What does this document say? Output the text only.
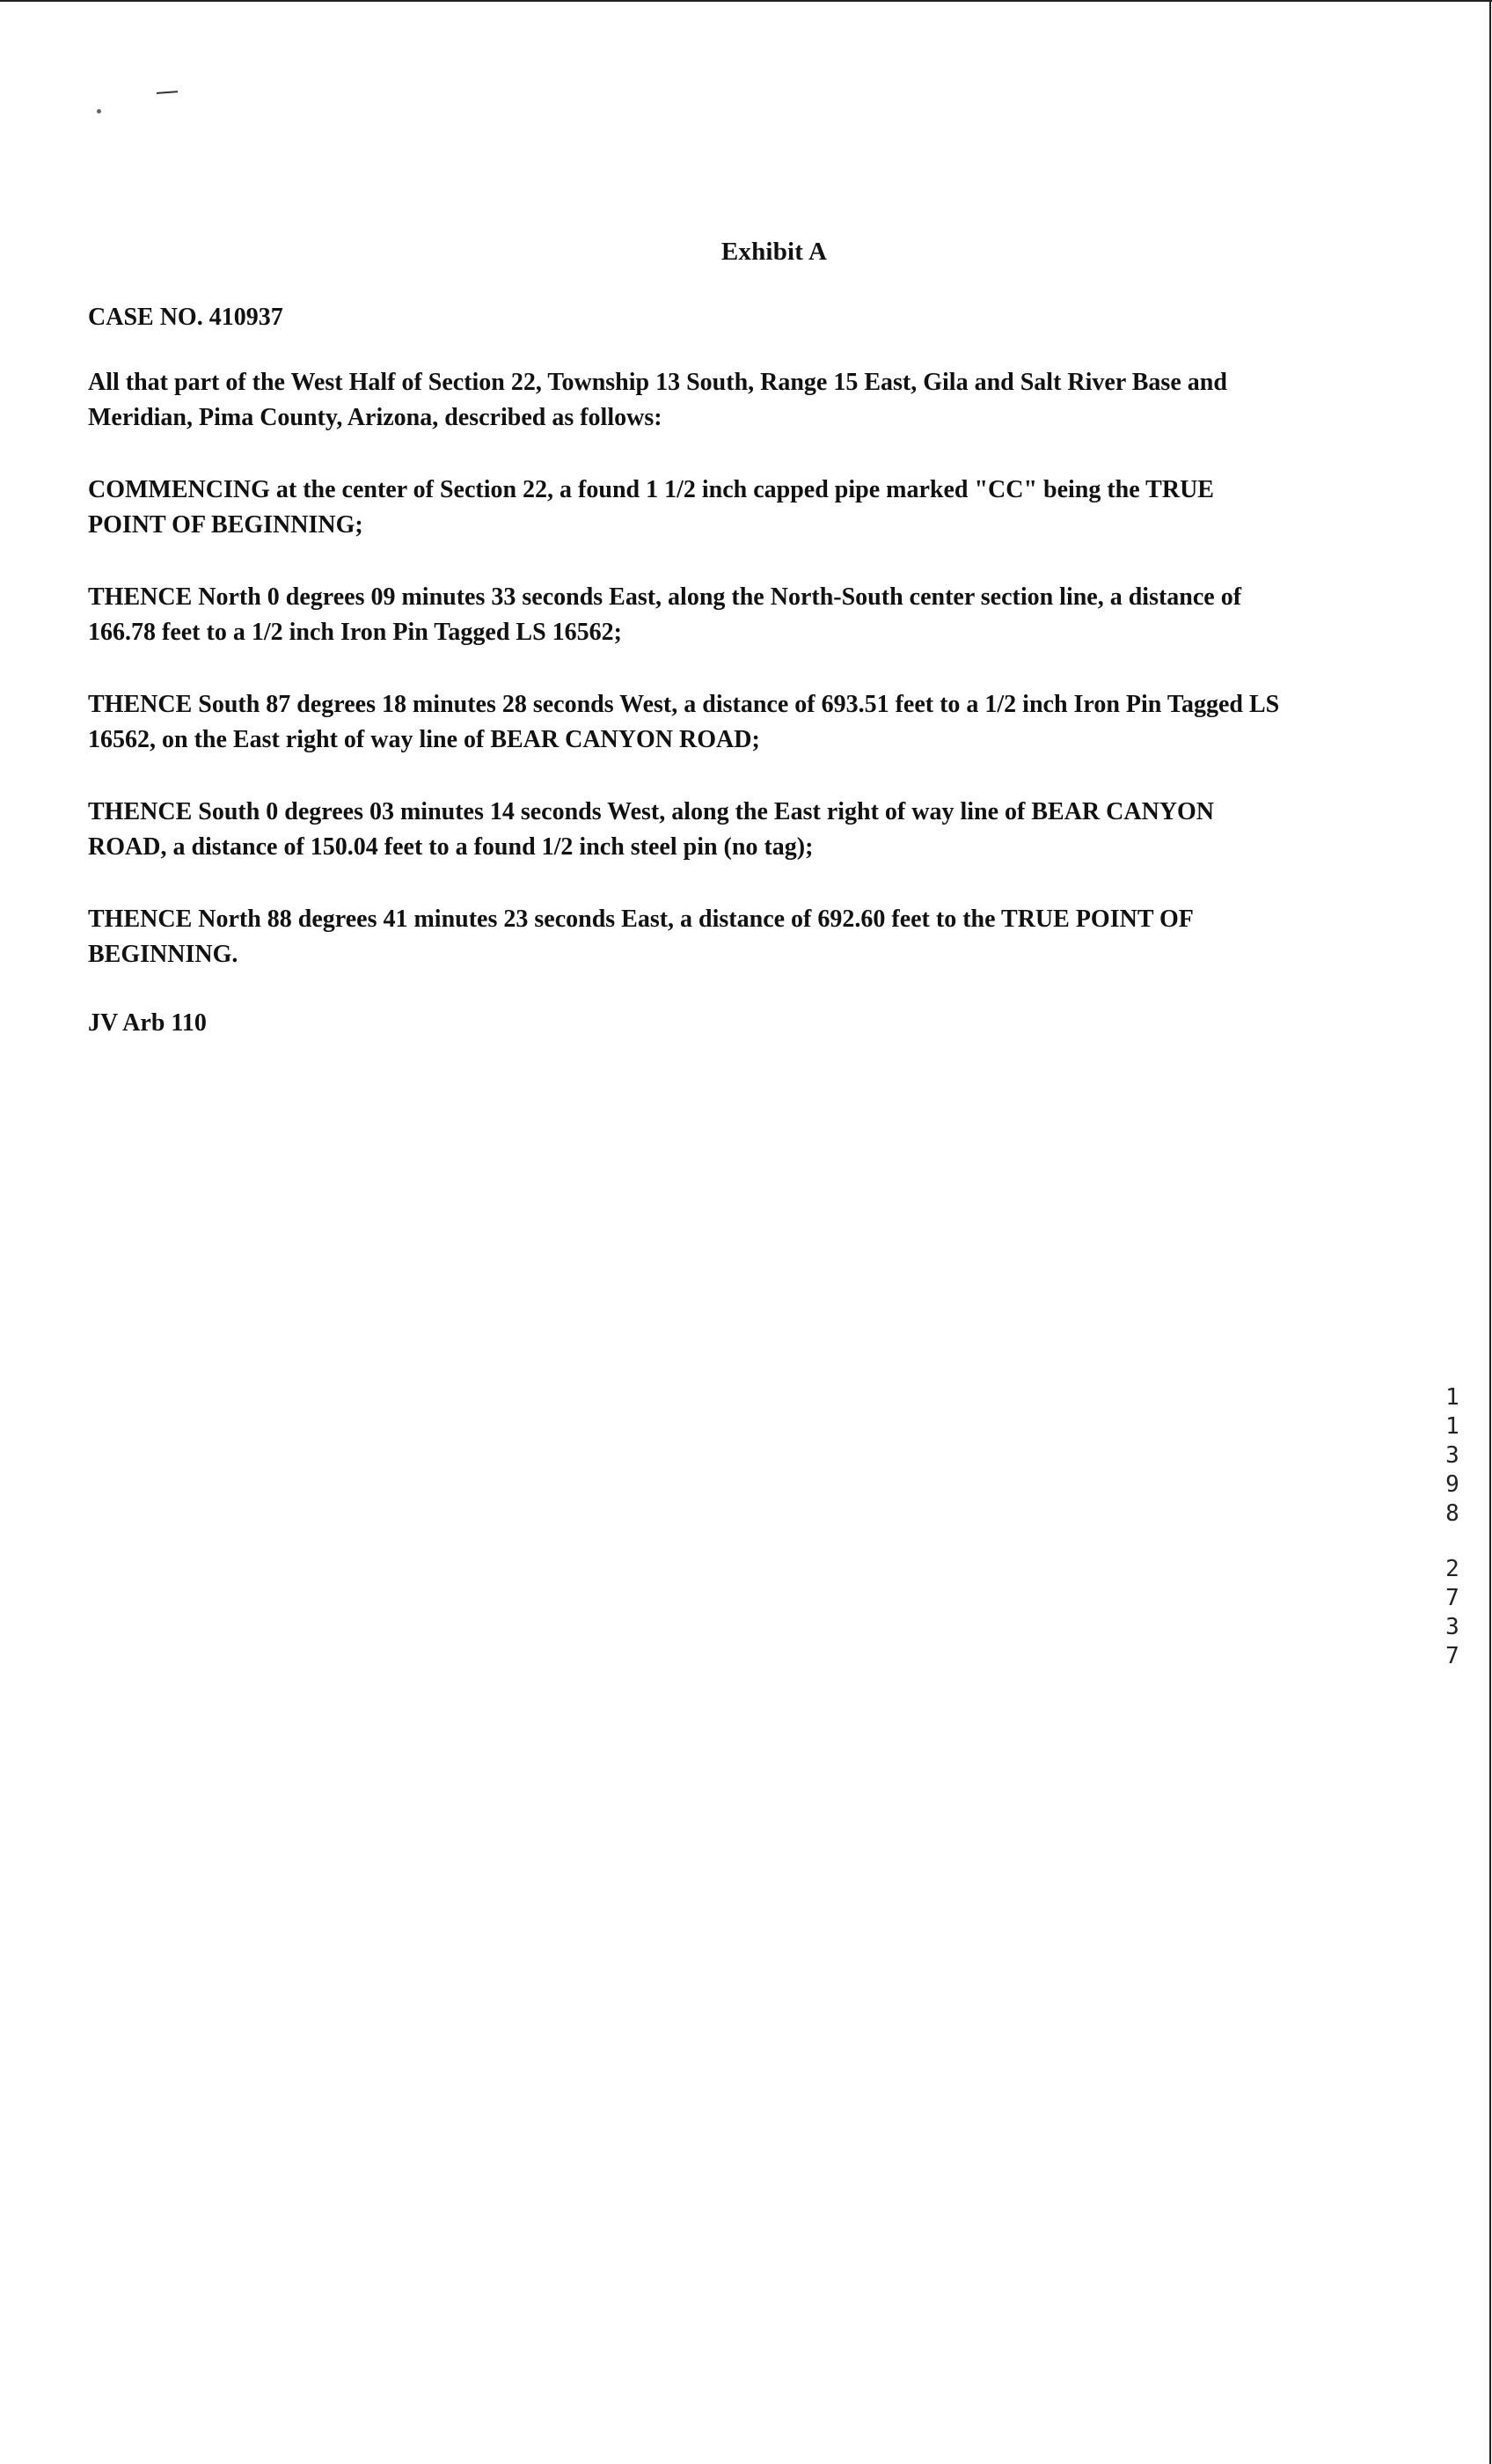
Exhibit A
CASE NO. 410937
All that part of the West Half of Section 22, Township 13 South, Range 15 East, Gila and Salt River Base and
Meridian, Pima County, Arizona, described as follows:
COMMENCING at the center of Section 22, a found 1 1/2 inch capped pipe marked "CC" being the TRUE
POINT OF BEGINNING;
THENCE North 0 degrees 09 minutes 33 seconds East, along the North-South center section line, a distance of
166.78 feet to a 1/2 inch Iron Pin Tagged LS 16562;
THENCE South 87 degrees 18 minutes 28 seconds West, a distance of 693.51 feet to a 1/2 inch Iron Pin Tagged LS
16562, on the East right of way line of BEAR CANYON ROAD;
THENCE South 0 degrees 03 minutes 14 seconds West, along the East right of way line of BEAR CANYON
ROAD, a distance of 150.04 feet to a found 1/2 inch steel pin (no tag);
THENCE North 88 degrees 41 minutes 23 seconds East, a distance of 692.60 feet to the TRUE POINT OF
BEGINNING.
JV Arb 110
1
1
3
9
8
2
7
3
7
